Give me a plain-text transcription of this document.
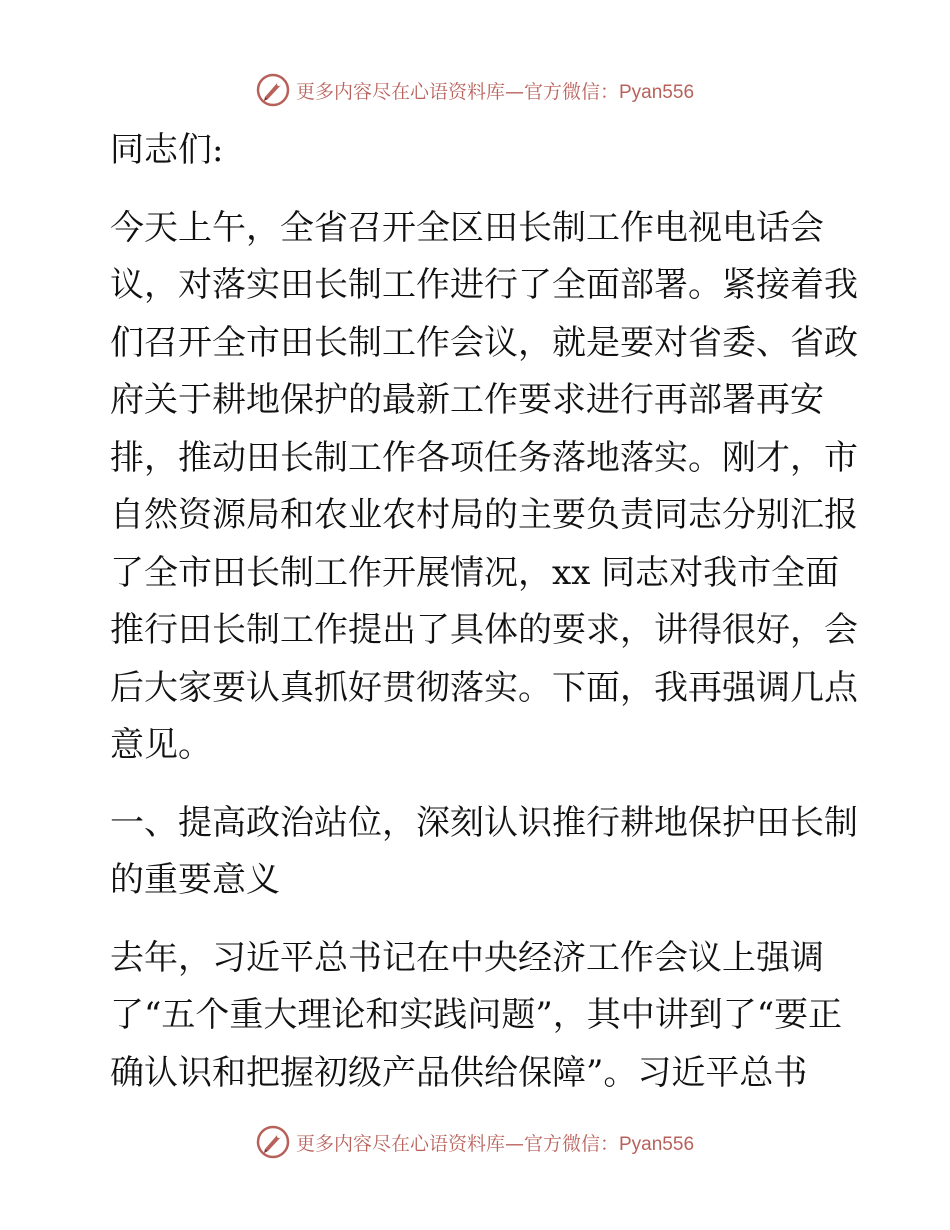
更多内容尽在心语资料库—官方微信：Pyan556

同志们:

今天上午，全省召开全区田长制工作电视电话会议，对落实田长制工作进行了全面部署。紧接着我们召开全市田长制工作会议，就是要对省委、省政府关于耕地保护的最新工作要求进行再部署再安排，推动田长制工作各项任务落地落实。刚才，市自然资源局和农业农村局的主要负责同志分别汇报了全市田长制工作开展情况，xx 同志对我市全面推行田长制工作提出了具体的要求，讲得很好，会后大家要认真抓好贯彻落实。下面，我再强调几点意见。

一、提高政治站位，深刻认识推行耕地保护田长制的重要意义

去年，习近平总书记在中央经济工作会议上强调了“五个重大理论和实践问题”，其中讲到了“要正确认识和把握初级产品供给保障”。习近平总书

更多内容尽在心语资料库—官方微信：Pyan556
